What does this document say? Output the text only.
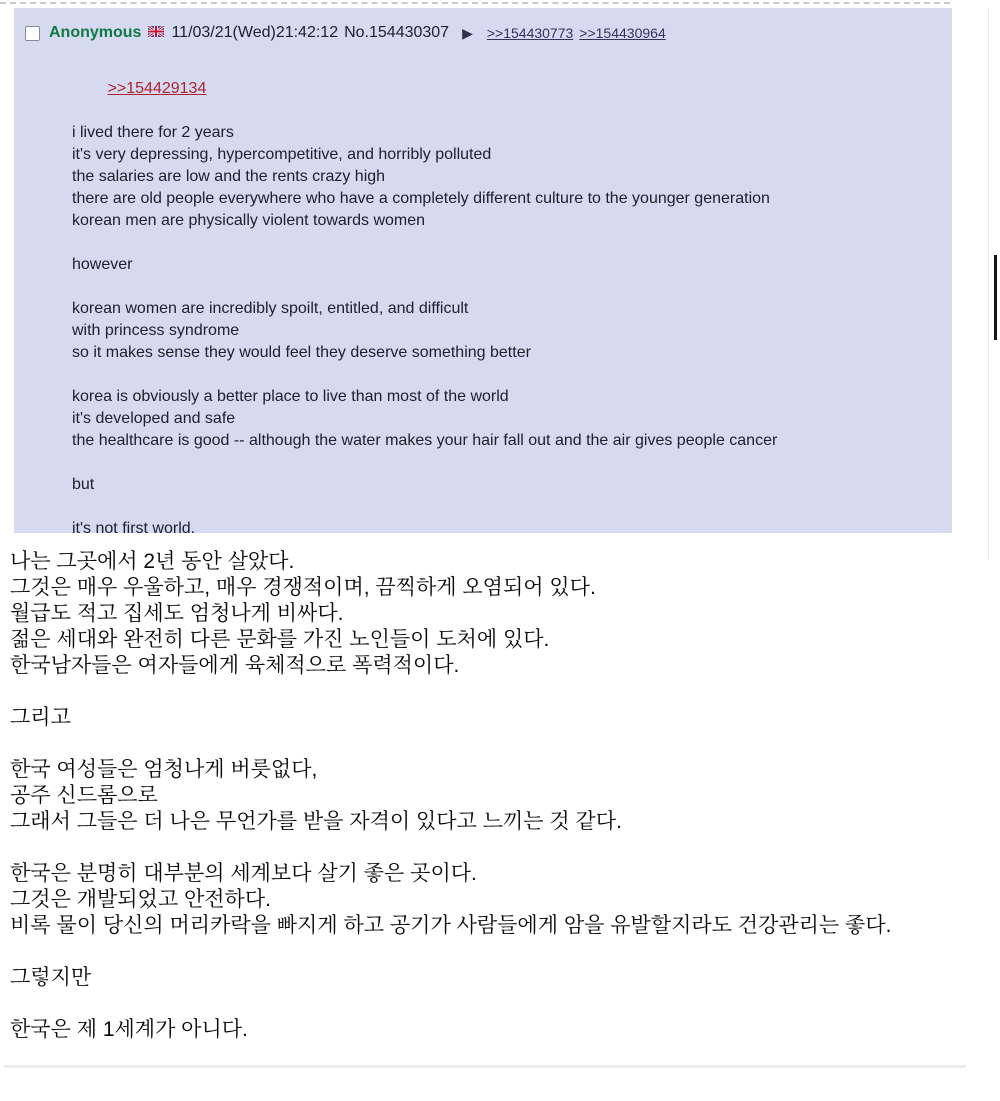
Anonymous 11/03/21(Wed)21:42:12 No.154430307 ▶ >>154430773 >>154430964

>>154429134

i lived there for 2 years
it's very depressing, hypercompetitive, and horribly polluted
the salaries are low and the rents crazy high
there are old people everywhere who have a completely different culture to the younger generation
korean men are physically violent towards women

however

korean women are incredibly spoilt, entitled, and difficult
with princess syndrome
so it makes sense they would feel they deserve something better

korea is obviously a better place to live than most of the world
it's developed and safe
the healthcare is good -- although the water makes your hair fall out and the air gives people cancer

but

it's not first world.
나는 그곳에서 2년 동안 살았다.
그것은 매우 우울하고, 매우 경쟁적이며, 끔찍하게 오염되어 있다.
월급도 적고 집세도 엄청나게 비싸다.
젊은 세대와 완전히 다른 문화를 가진 노인들이 도처에 있다.
한국남자들은 여자들에게 육체적으로 폭력적이다.

그리고

한국 여성들은 엄청나게 버릇없다,
공주 신드롬으로
그래서 그들은 더 나은 무언가를 받을 자격이 있다고 느끼는 것 같다.

한국은 분명히 대부분의 세계보다 살기 좋은 곳이다.
그것은 개발되었고 안전하다.
비록 물이 당신의 머리카락을 빠지게 하고 공기가 사람들에게 암을 유발할지라도 건강관리는 좋다.

그렇지만

한국은 제 1세계가 아니다.
